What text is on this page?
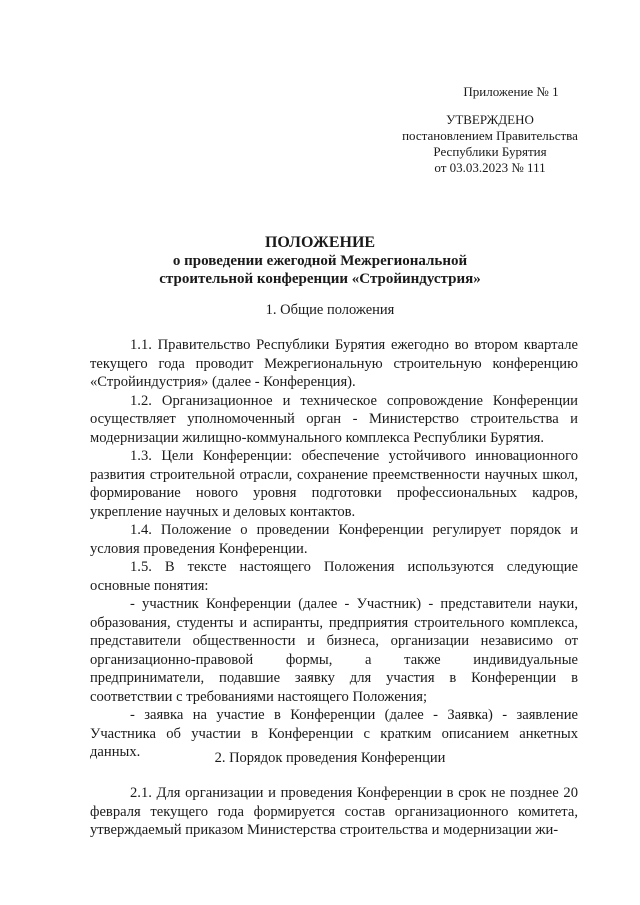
Приложение № 1
УТВЕРЖДЕНО
постановлением Правительства
Республики Бурятия
от 03.03.2023 № 111
ПОЛОЖЕНИЕ
о проведении ежегодной Межрегиональной
строительной конференции «Стройиндустрия»
1. Общие положения

1.1. Правительство Республики Бурятия ежегодно во втором квартале текущего года проводит Межрегиональную строительную конференцию «Стройиндустрия» (далее - Конференция).

1.2. Организационное и техническое сопровождение Конференции осуществляет уполномоченный орган - Министерство строительства и модернизации жилищно-коммунального комплекса Республики Бурятия.

1.3. Цели Конференции: обеспечение устойчивого инновационного развития строительной отрасли, сохранение преемственности научных школ, формирование нового уровня подготовки профессиональных кадров, укрепление научных и деловых контактов.

1.4. Положение о проведении Конференции регулирует порядок и условия проведения Конференции.

1.5. В тексте настоящего Положения используются следующие основные понятия:

- участник Конференции (далее - Участник) - представители науки, образования, студенты и аспиранты, предприятия строительного комплекса, представители общественности и бизнеса, организации независимо от организационно-правовой формы, а также индивидуальные предприниматели, подавшие заявку для участия в Конференции в соответствии с требованиями настоящего Положения;

- заявка на участие в Конференции (далее - Заявка) - заявление Участника об участии в Конференции с кратким описанием анкетных данных.	2. Порядок проведения Конференции

2.1. Для организации и проведения Конференции в срок не позднее 20 февраля текущего года формируется состав организационного комитета, утверждаемый приказом Министерства строительства и модернизации жи-
